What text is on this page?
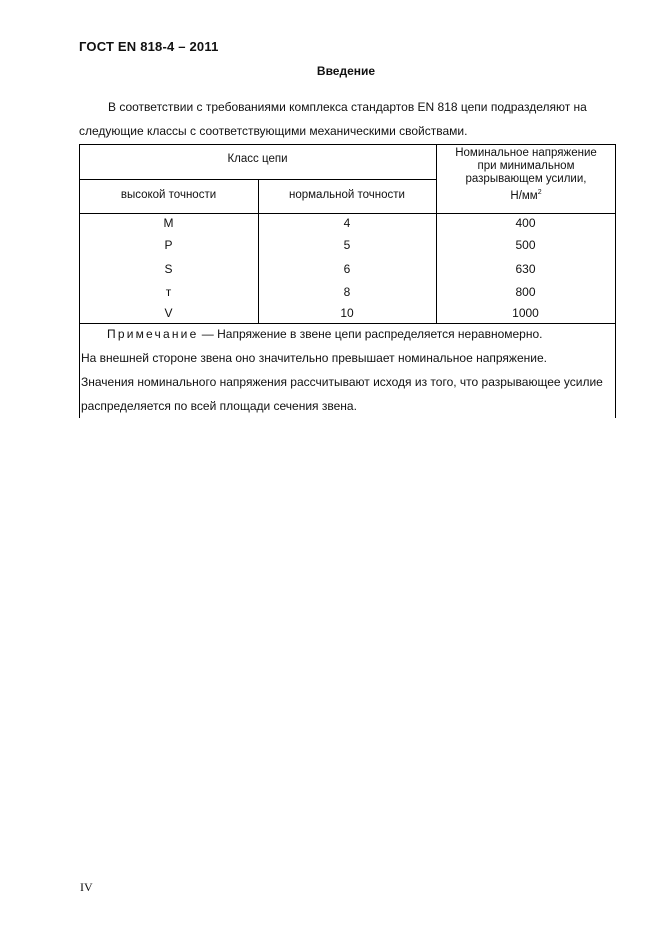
ГОСТ EN 818-4 – 2011
Введение
В соответствии с требованиями комплекса стандартов EN 818 цепи подразделяют на следующие классы с соответствующими механическими свойствами.
Класс цепи
высокой точности	нормальной точности
Номинальное напряжение при минимальном разрывающем усилии,
$Н/мм^2$
M	4	400
P	5	500
S	6	630
т	8	800
V	10	1000

Примечание — Напряжение в звене цепи распределяется неравномерно.

На внешней стороне звена оно значительно превышает номинальное напряжение.

Значения номинального напряжения рассчитывают исходя из того, что разрывающее усилие распределяется по всей площади сечения звена.

IV
